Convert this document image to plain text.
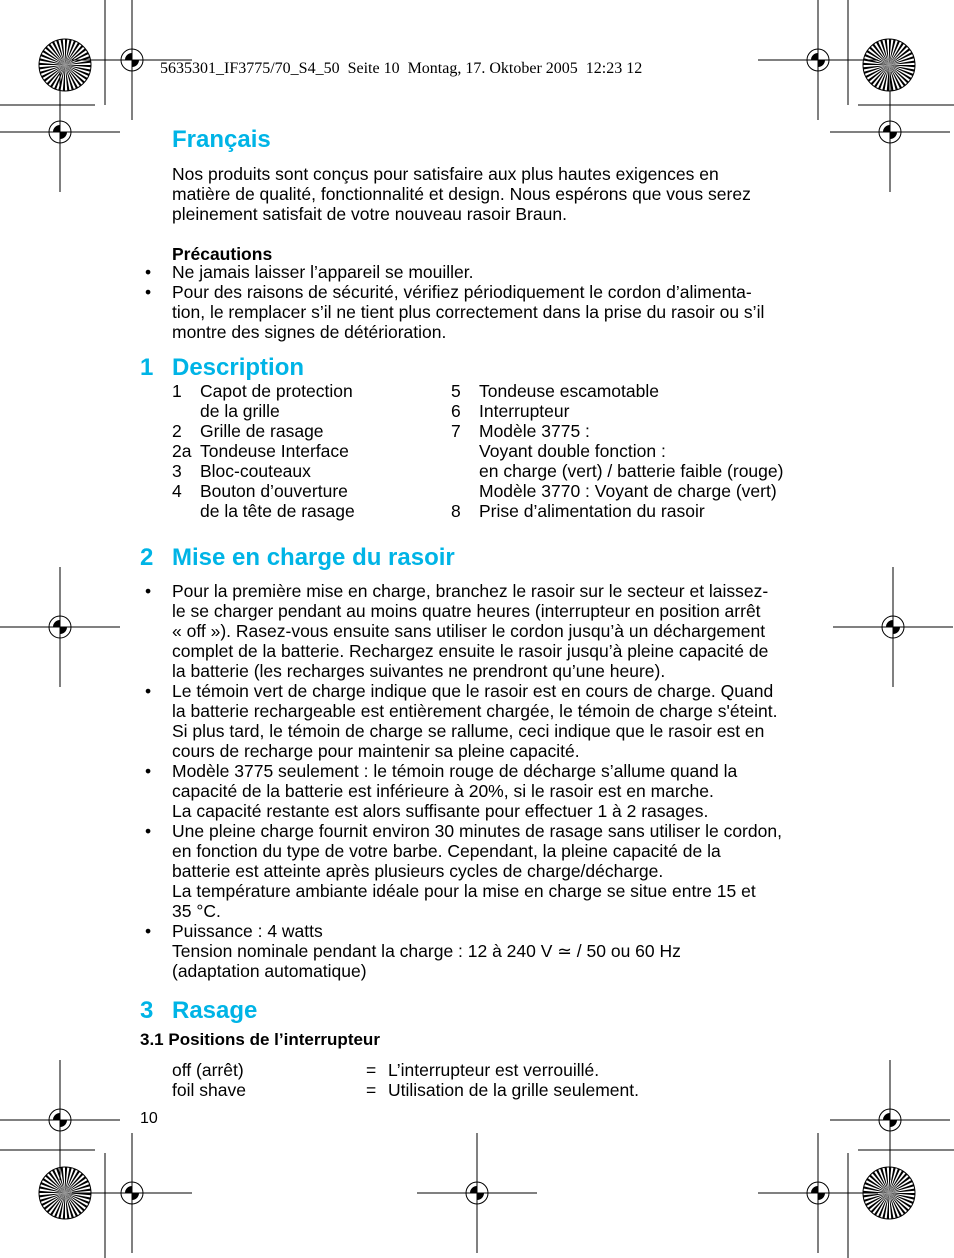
5635301_IF3775/70_S4_50  Seite 10  Montag, 17. Oktober 2005  12:23 12
Français

Nos produits sont conçus pour satisfaire aux plus hautes exigences en

matière de qualité, fonctionnalité et design. Nous espérons que vous serez

pleinement satisfait de votre nouveau rasoir Braun.

Précautions
• Ne jamais laisser l’appareil se mouiller.
• Pour des raisons de sécurité, vérifiez périodiquement le cordon d’alimenta-
tion, le remplacer s’il ne tient plus correctement dans la prise du rasoir ou s’il
montre des signes de détérioration.
1 Description
1 Capot de protection
de la grille
2 Grille de rasage
2a Tondeuse Interface
3 Bloc-couteaux
4 Bouton d’ouverture
de la tête de rasage
5 Tondeuse escamotable
6 Interrupteur
7 Modèle 3775 :
Voyant double fonction :
en charge (vert) / batterie faible (rouge)
Modèle 3770 : Voyant de charge (vert)
8 Prise d’alimentation du rasoir
2 Mise en charge du rasoir
• Pour la première mise en charge, branchez le rasoir sur le secteur et laissez-
le se charger pendant au moins quatre heures (interrupteur en position arrêt
« off »). Rasez-vous ensuite sans utiliser le cordon jusqu’à un déchargement
complet de la batterie. Rechargez ensuite le rasoir jusqu’à pleine capacité de
la batterie (les recharges suivantes ne prendront qu’une heure).
• Le témoin vert de charge indique que le rasoir est en cours de charge. Quand
la batterie rechargeable est entièrement chargée, le témoin de charge s'éteint.
Si plus tard, le témoin de charge se rallume, ceci indique que le rasoir est en
cours de recharge pour maintenir sa pleine capacité.
• Modèle 3775 seulement : le témoin rouge de décharge s’allume quand la
capacité de la batterie est inférieure à 20%, si le rasoir est en marche.
La capacité restante est alors suffisante pour effectuer 1 à 2 rasages.
• Une pleine charge fournit environ 30 minutes de rasage sans utiliser le cordon,
en fonction du type de votre barbe. Cependant, la pleine capacité de la
batterie est atteinte après plusieurs cycles de charge/décharge.
La température ambiante idéale pour la mise en charge se situe entre 15 et
35 °C.
• Puissance : 4 watts
Tension nominale pendant la charge : 12 à 240 V ≃ / 50 ou 60 Hz
(adaptation automatique)
3 Rasage
3.1 Positions de l’interrupteur
off (arrêt)	= L’interrupteur est verrouillé.
foil shave	= Utilisation de la grille seulement.
10
